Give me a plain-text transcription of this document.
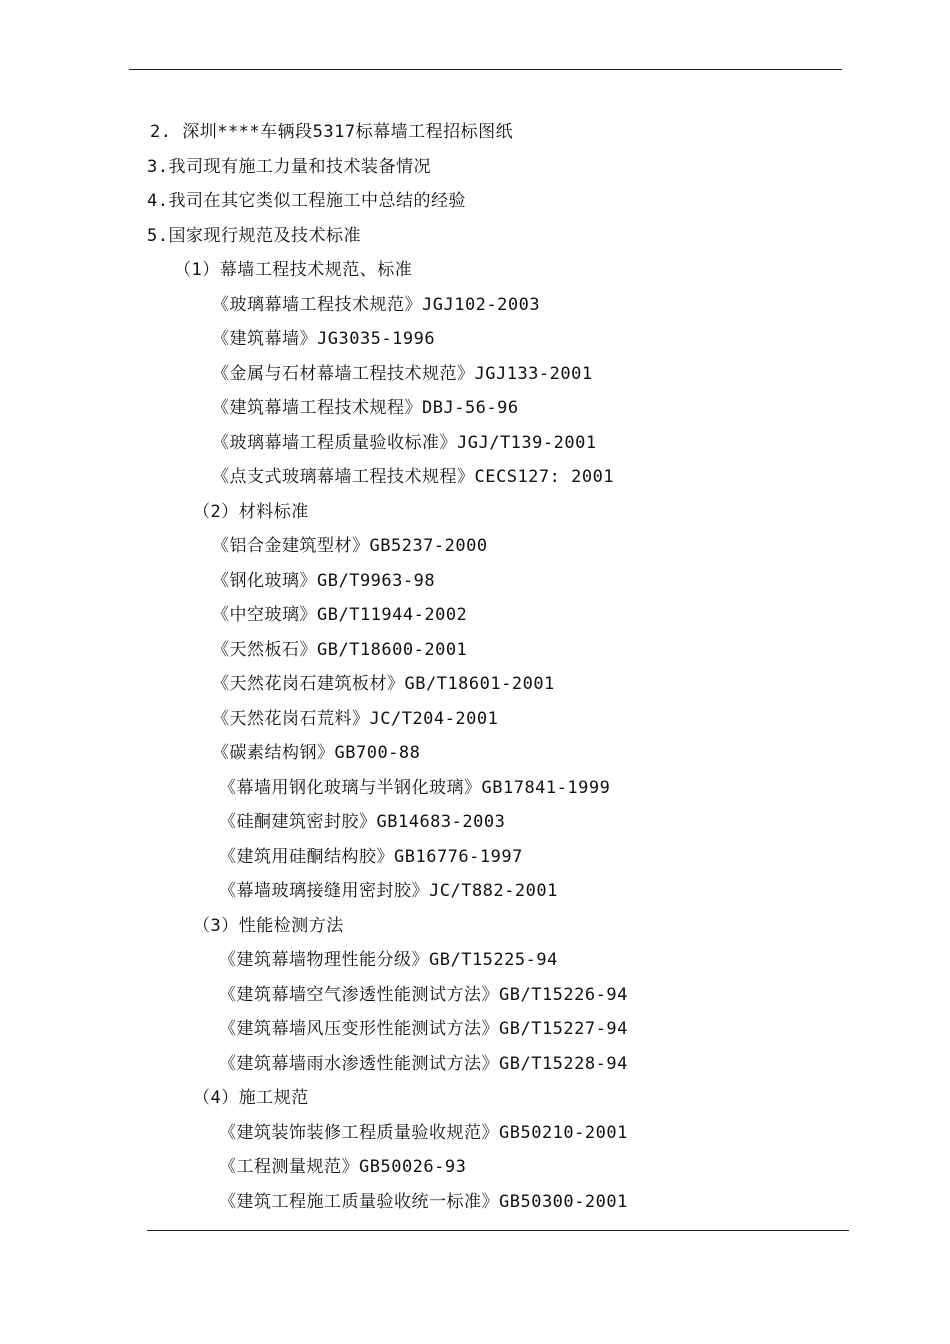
2. 深圳****车辆段5317标幕墙工程招标图纸
3.我司现有施工力量和技术装备情况
4.我司在其它类似工程施工中总结的经验
5.国家现行规范及技术标准
（1）幕墙工程技术规范、标准
《玻璃幕墙工程技术规范》JGJ102-2003
《建筑幕墙》JG3035-1996
《金属与石材幕墙工程技术规范》JGJ133-2001
《建筑幕墙工程技术规程》DBJ-56-96
《玻璃幕墙工程质量验收标准》JGJ/T139-2001
《点支式玻璃幕墙工程技术规程》CECS127: 2001
（2）材料标准
《铝合金建筑型材》GB5237-2000
《钢化玻璃》GB/T9963-98
《中空玻璃》GB/T11944-2002
《天然板石》GB/T18600-2001
《天然花岗石建筑板材》GB/T18601-2001
《天然花岗石荒料》JC/T204-2001
《碳素结构钢》GB700-88
《幕墙用钢化玻璃与半钢化玻璃》GB17841-1999
《硅酮建筑密封胶》GB14683-2003
《建筑用硅酮结构胶》GB16776-1997
《幕墙玻璃接缝用密封胶》JC/T882-2001
（3）性能检测方法
《建筑幕墙物理性能分级》GB/T15225-94
《建筑幕墙空气渗透性能测试方法》GB/T15226-94
《建筑幕墙风压变形性能测试方法》GB/T15227-94
《建筑幕墙雨水渗透性能测试方法》GB/T15228-94
（4）施工规范
《建筑装饰装修工程质量验收规范》GB50210-2001
《工程测量规范》GB50026-93
《建筑工程施工质量验收统一标准》GB50300-2001
